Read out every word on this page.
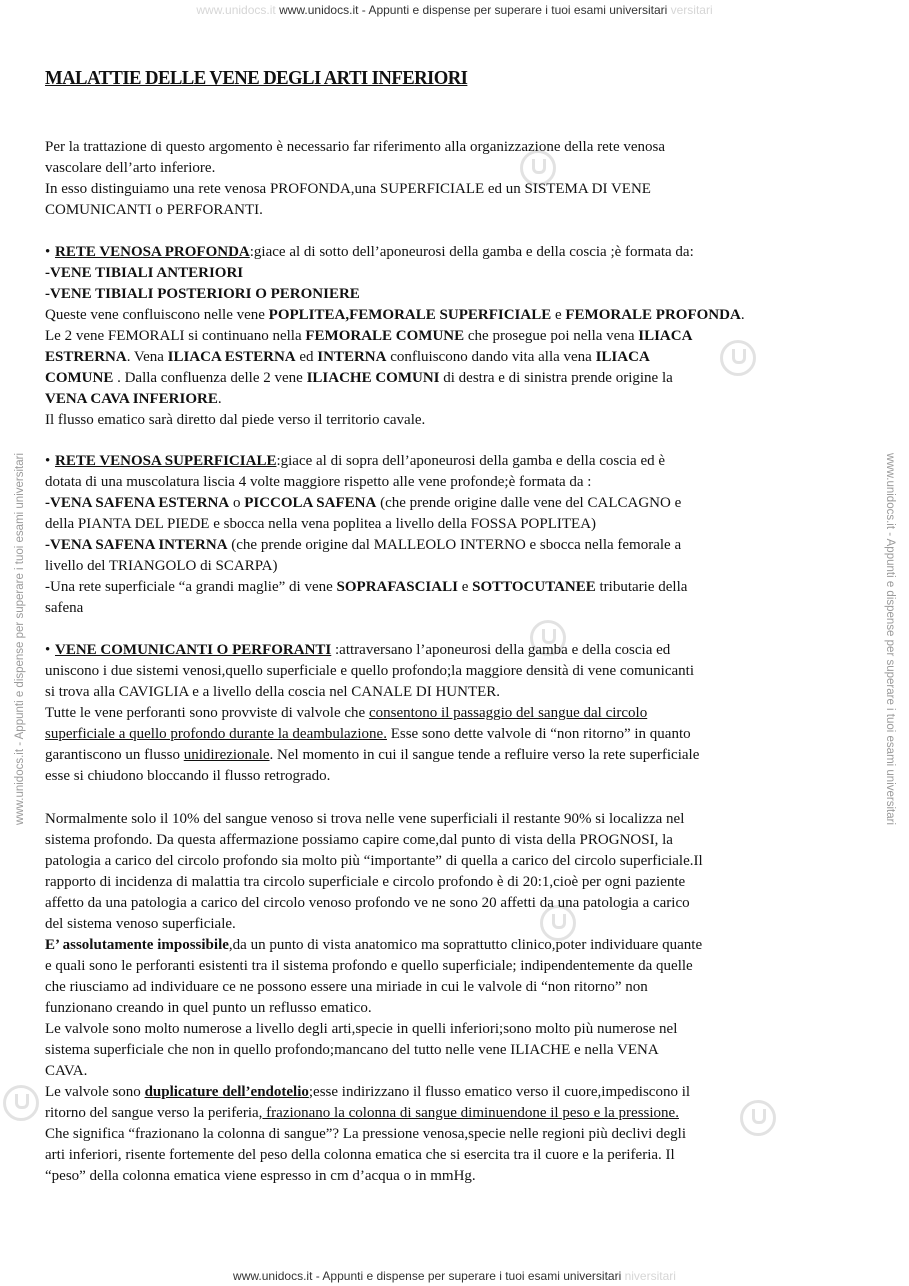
www.unidocs.it www.unidocs.it - Appunti e dispense per superare i tuoi esami universitari versitari
www.unidocs.it - Appunti e dispense per superare i tuoi esami universitari niversitari
www.unidocs.it - Appunti e dispense per superare i tuoi esami universitari	www.unidocs.it - Appunti e dispense per superare i tuoi esami universitari
MALATTIE DELLE VENE DEGLI ARTI INFERIORI

Per la trattazione di questo argomento è necessario far riferimento alla organizzazione della rete venosa

vascolare dell’arto inferiore.

In esso distinguiamo una rete venosa PROFONDA,una SUPERFICIALE ed un SISTEMA DI VENE

COMUNICANTI o PERFORANTI.

• RETE VENOSA PROFONDA:giace al di sotto dell’aponeurosi della gamba e della coscia ;è formata da:

-VENE TIBIALI ANTERIORI

-VENE TIBIALI POSTERIORI O PERONIERE

Queste vene confluiscono nelle vene POPLITEA,FEMORALE SUPERFICIALE e FEMORALE PROFONDA.

Le 2 vene FEMORALI si continuano nella FEMORALE COMUNE che prosegue poi nella vena ILIACA

ESTRERNA. Vena ILIACA ESTERNA ed INTERNA confluiscono dando vita alla vena ILIACA

COMUNE . Dalla confluenza delle 2 vene ILIACHE COMUNI di destra e di sinistra prende origine la

VENA CAVA INFERIORE.

Il flusso ematico sarà diretto dal piede verso il territorio cavale.

• RETE VENOSA SUPERFICIALE:giace al di sopra dell’aponeurosi della gamba e della coscia ed è

dotata di una muscolatura liscia 4 volte maggiore rispetto alle vene profonde;è formata da :

-VENA SAFENA ESTERNA o PICCOLA SAFENA (che prende origine dalle vene del CALCAGNO e

della PIANTA DEL PIEDE e sbocca nella vena poplitea a livello della FOSSA POPLITEA)

-VENA SAFENA INTERNA (che prende origine dal MALLEOLO INTERNO e sbocca nella femorale a

livello del TRIANGOLO di SCARPA)

-Una rete superficiale “a grandi maglie” di vene SOPRAFASCIALI e SOTTOCUTANEE tributarie della

safena

• VENE COMUNICANTI O PERFORANTI :attraversano l’aponeurosi della gamba e della coscia ed

uniscono i due sistemi venosi,quello superficiale e quello profondo;la maggiore densità di vene comunicanti

si trova alla CAVIGLIA e a livello della coscia nel CANALE DI HUNTER.

Tutte le vene perforanti sono provviste di valvole che consentono il passaggio del sangue dal circolo

superficiale a quello profondo durante la deambulazione. Esse sono dette valvole di “non ritorno” in quanto

garantiscono un flusso unidirezionale. Nel momento in cui il sangue tende a refluire verso la rete superficiale

esse si chiudono bloccando il flusso retrogrado.

Normalmente solo il 10% del sangue venoso si trova nelle vene superficiali il restante 90% si localizza nel

sistema profondo. Da questa affermazione possiamo capire come,dal punto di vista della PROGNOSI, la

patologia a carico del circolo profondo sia molto più “importante” di quella a carico del circolo superficiale.Il

rapporto di incidenza di malattia tra circolo superficiale e circolo profondo è di 20:1,cioè per ogni paziente

affetto da una patologia a carico del circolo venoso profondo ve ne sono 20 affetti da una patologia a carico

del sistema venoso superficiale.

E’ assolutamente impossibile,da un punto di vista anatomico ma soprattutto clinico,poter individuare quante

e quali sono le perforanti esistenti tra il sistema profondo e quello superficiale; indipendentemente da quelle

che riusciamo ad individuare ce ne possono essere una miriade in cui le valvole di “non ritorno” non

funzionano creando in quel punto un reflusso ematico.

Le valvole sono molto numerose a livello degli arti,specie in quelli inferiori;sono molto più numerose nel

sistema superficiale che non in quello profondo;mancano del tutto nelle vene ILIACHE e nella VENA

CAVA.

Le valvole sono duplicature dell’endotelio;esse indirizzano il flusso ematico verso il cuore,impediscono il

ritorno del sangue verso la periferia, frazionano la colonna di sangue diminuendone il peso e la pressione.

Che significa “frazionano la colonna di sangue”? La pressione venosa,specie nelle regioni più declivi degli

arti inferiori, risente fortemente del peso della colonna ematica che si esercita tra il cuore e la periferia. Il

“peso” della colonna ematica viene espresso in cm d’acqua o in mmHg.
